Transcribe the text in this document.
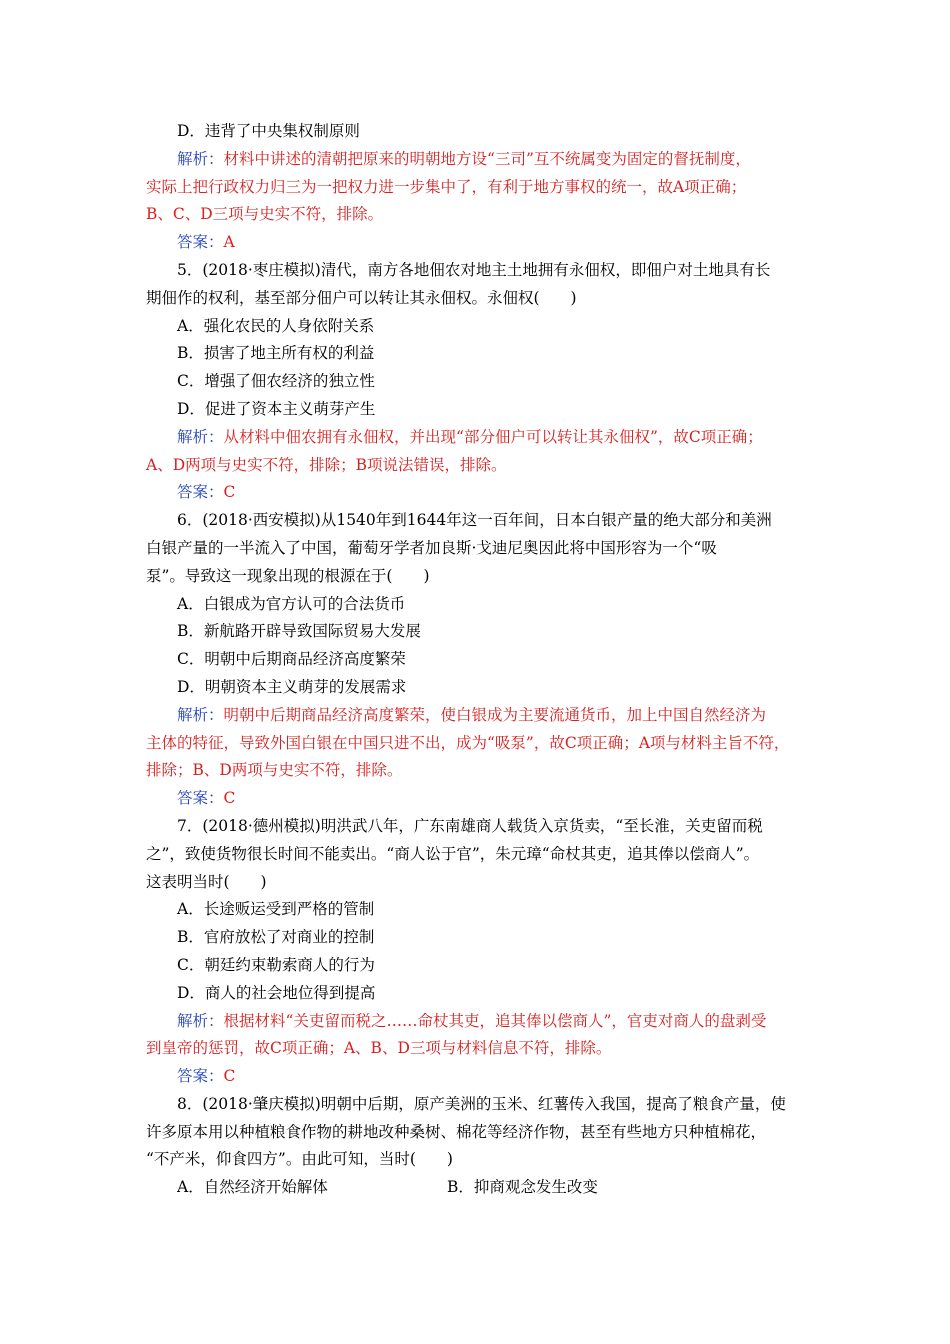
D．违背了中央集权制原则
解析：材料中讲述的清朝把原来的明朝地方设“三司”互不统属变为固定的督抚制度，
实际上把行政权力归三为一把权力进一步集中了，有利于地方事权的统一，故A项正确；
B、C、D三项与史实不符，排除。
答案：A
5．(2018·枣庄模拟)清代，南方各地佃农对地主土地拥有永佃权，即佃户对土地具有长
期佃作的权利，基至部分佃户可以转让其永佃权。永佃权(　　)
A．强化农民的人身依附关系
B．损害了地主所有权的利益
C．增强了佃农经济的独立性
D．促进了资本主义萌芽产生
解析：从材料中佃农拥有永佃权，并出现“部分佃户可以转让其永佃权”，故C项正确；
A、D两项与史实不符，排除；B项说法错误，排除。
答案：C
6．(2018·西安模拟)从1540年到1644年这一百年间，日本白银产量的绝大部分和美洲
白银产量的一半流入了中国，葡萄牙学者加良斯·戈迪尼奥因此将中国形容为一个“吸
泵”。导致这一现象出现的根源在于(　　)
A．白银成为官方认可的合法货币
B．新航路开辟导致国际贸易大发展
C．明朝中后期商品经济高度繁荣
D．明朝资本主义萌芽的发展需求
解析：明朝中后期商品经济高度繁荣，使白银成为主要流通货币，加上中国自然经济为
主体的特征，导致外国白银在中国只进不出，成为“吸泵”，故C项正确；A项与材料主旨不符，
排除；B、D两项与史实不符，排除。
答案：C
7．(2018·德州模拟)明洪武八年，广东南雄商人载货入京货卖，“至长淮，关吏留而税
之”，致使货物很长时间不能卖出。“商人讼于官”，朱元璋“命杖其吏，追其俸以偿商人”。
这表明当时(　　)
A．长途贩运受到严格的管制
B．官府放松了对商业的控制
C．朝廷约束勒索商人的行为
D．商人的社会地位得到提高
解析：根据材料“关吏留而税之……命杖其吏，追其俸以偿商人”，官吏对商人的盘剥受
到皇帝的惩罚，故C项正确；A、B、D三项与材料信息不符，排除。
答案：C
8．(2018·肇庆模拟)明朝中后期，原产美洲的玉米、红薯传入我国，提高了粮食产量，使
许多原本用以种植粮食作物的耕地改种桑树、棉花等经济作物，甚至有些地方只种植棉花，
“不产米，仰食四方”。由此可知，当时(　　)
A．自然经济开始解体	B．抑商观念发生改变
